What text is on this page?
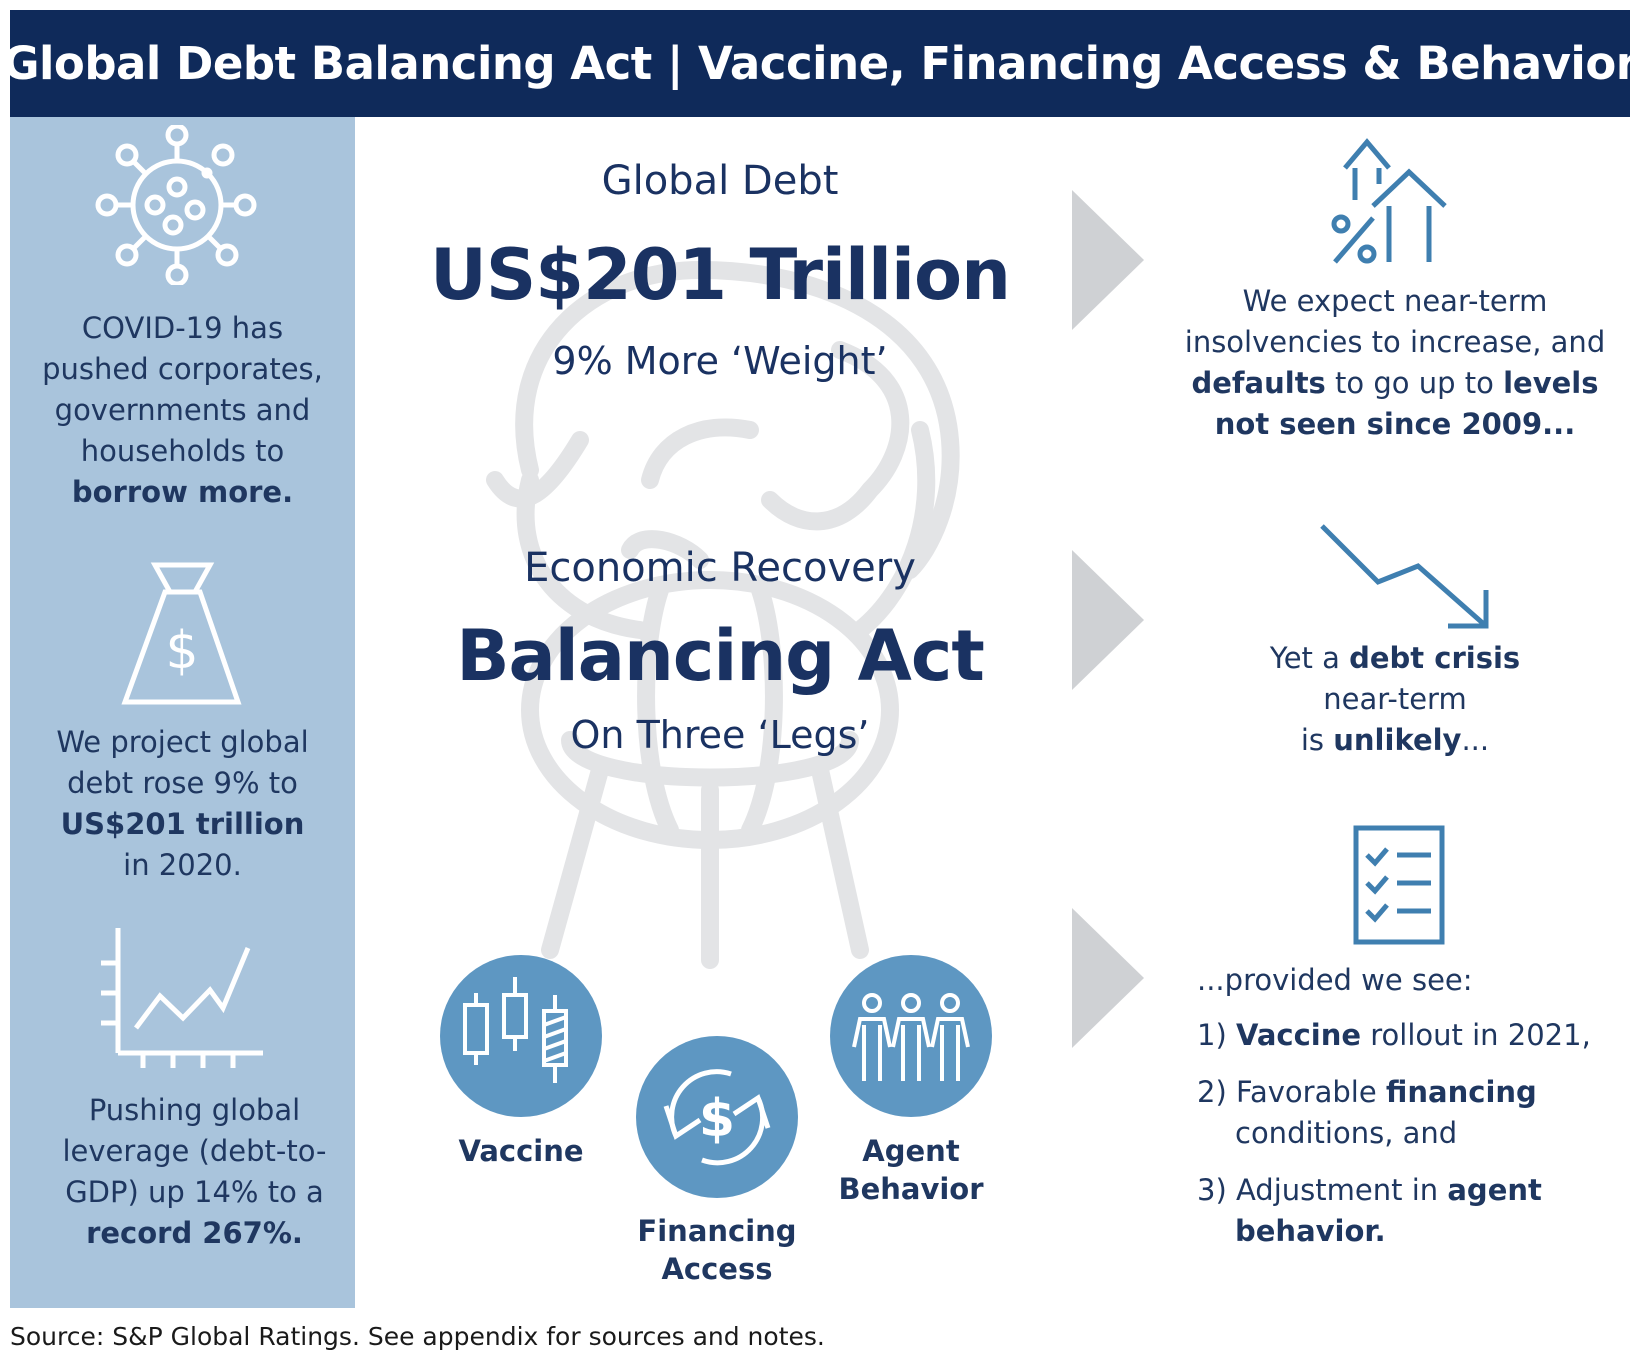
Global Debt Balancing Act | Vaccine, Financing Access & Behavior
COVID-19 has
pushed corporates,
governments and
households to
borrow more.
$
We project global
debt rose 9% to
US$201 trillion
in 2020.
Pushing global
leverage (debt-to-
GDP) up 14% to a
record 267%.
Global Debt
US$201 Trillion
9% More ‘Weight’
Economic Recovery
Balancing Act
On Three ‘Legs’
Vaccine
$
Financing
Access
Agent
Behavior
We expect near-term
insolvencies to increase, and
defaults to go up to levels
not seen since 2009...
Yet a debt crisis
near-term
is unlikely...
...provided we see:
1) Vaccine rollout in 2021,
2) Favorable financing
conditions, and
3) Adjustment in agent
behavior.
Source: S&P Global Ratings. See appendix for sources and notes.
